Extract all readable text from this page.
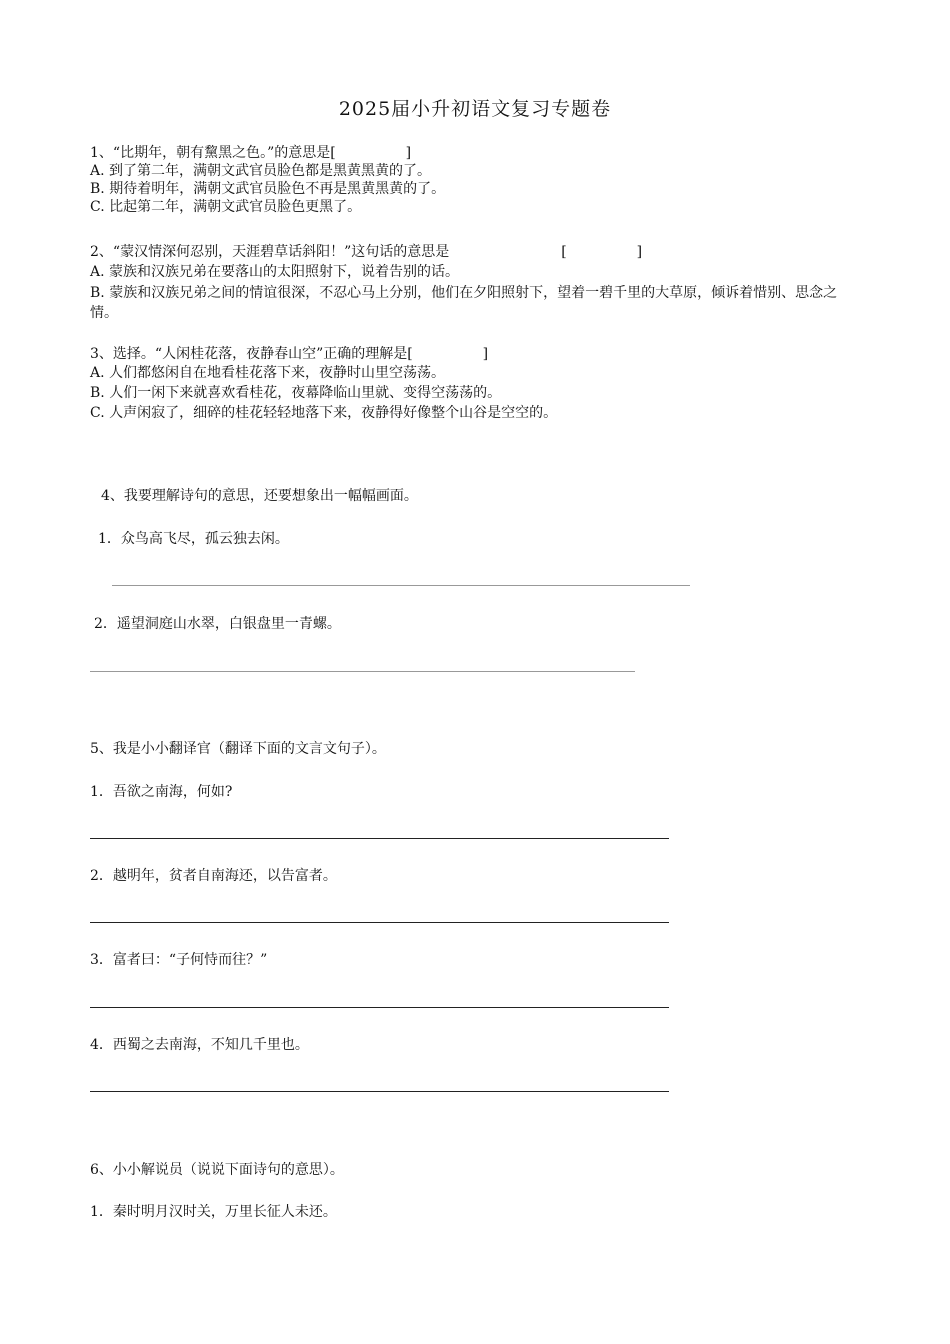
2025届小升初语文复习专题卷
1、“比期年，朝有黧黑之色。”的意思是[　　　　　]
A. 到了第二年，满朝文武官员脸色都是黑黄黑黄的了。
B. 期待着明年，满朝文武官员脸色不再是黑黄黑黄的了。
C. 比起第二年，满朝文武官员脸色更黑了。
2、“蒙汉情深何忍别，天涯碧草话斜阳！”这句话的意思是　　　　　　　　[　　　　　]
A. 蒙族和汉族兄弟在要落山的太阳照射下，说着告别的话。
B. 蒙族和汉族兄弟之间的情谊很深，不忍心马上分别，他们在夕阳照射下，望着一碧千里的大草原，倾诉着惜别、思念之情。
3、选择。“人闲桂花落，夜静春山空”正确的理解是[　　　　　]
A. 人们都悠闲自在地看桂花落下来，夜静时山里空荡荡。
B. 人们一闲下来就喜欢看桂花，夜幕降临山里就、变得空荡荡的。
C. 人声闲寂了，细碎的桂花轻轻地落下来，夜静得好像整个山谷是空空的。
4、我要理解诗句的意思，还要想象出一幅幅画面。
1．众鸟高飞尽，孤云独去闲。
2．遥望洞庭山水翠，白银盘里一青螺。
5、我是小小翻译官（翻译下面的文言文句子）。
1．吾欲之南海，何如?
2．越明年，贫者自南海还，以告富者。
3．富者曰：“子何恃而往？”
4．西蜀之去南海，不知几千里也。
6、小小解说员（说说下面诗句的意思）。
1．秦时明月汉时关，万里长征人未还。
